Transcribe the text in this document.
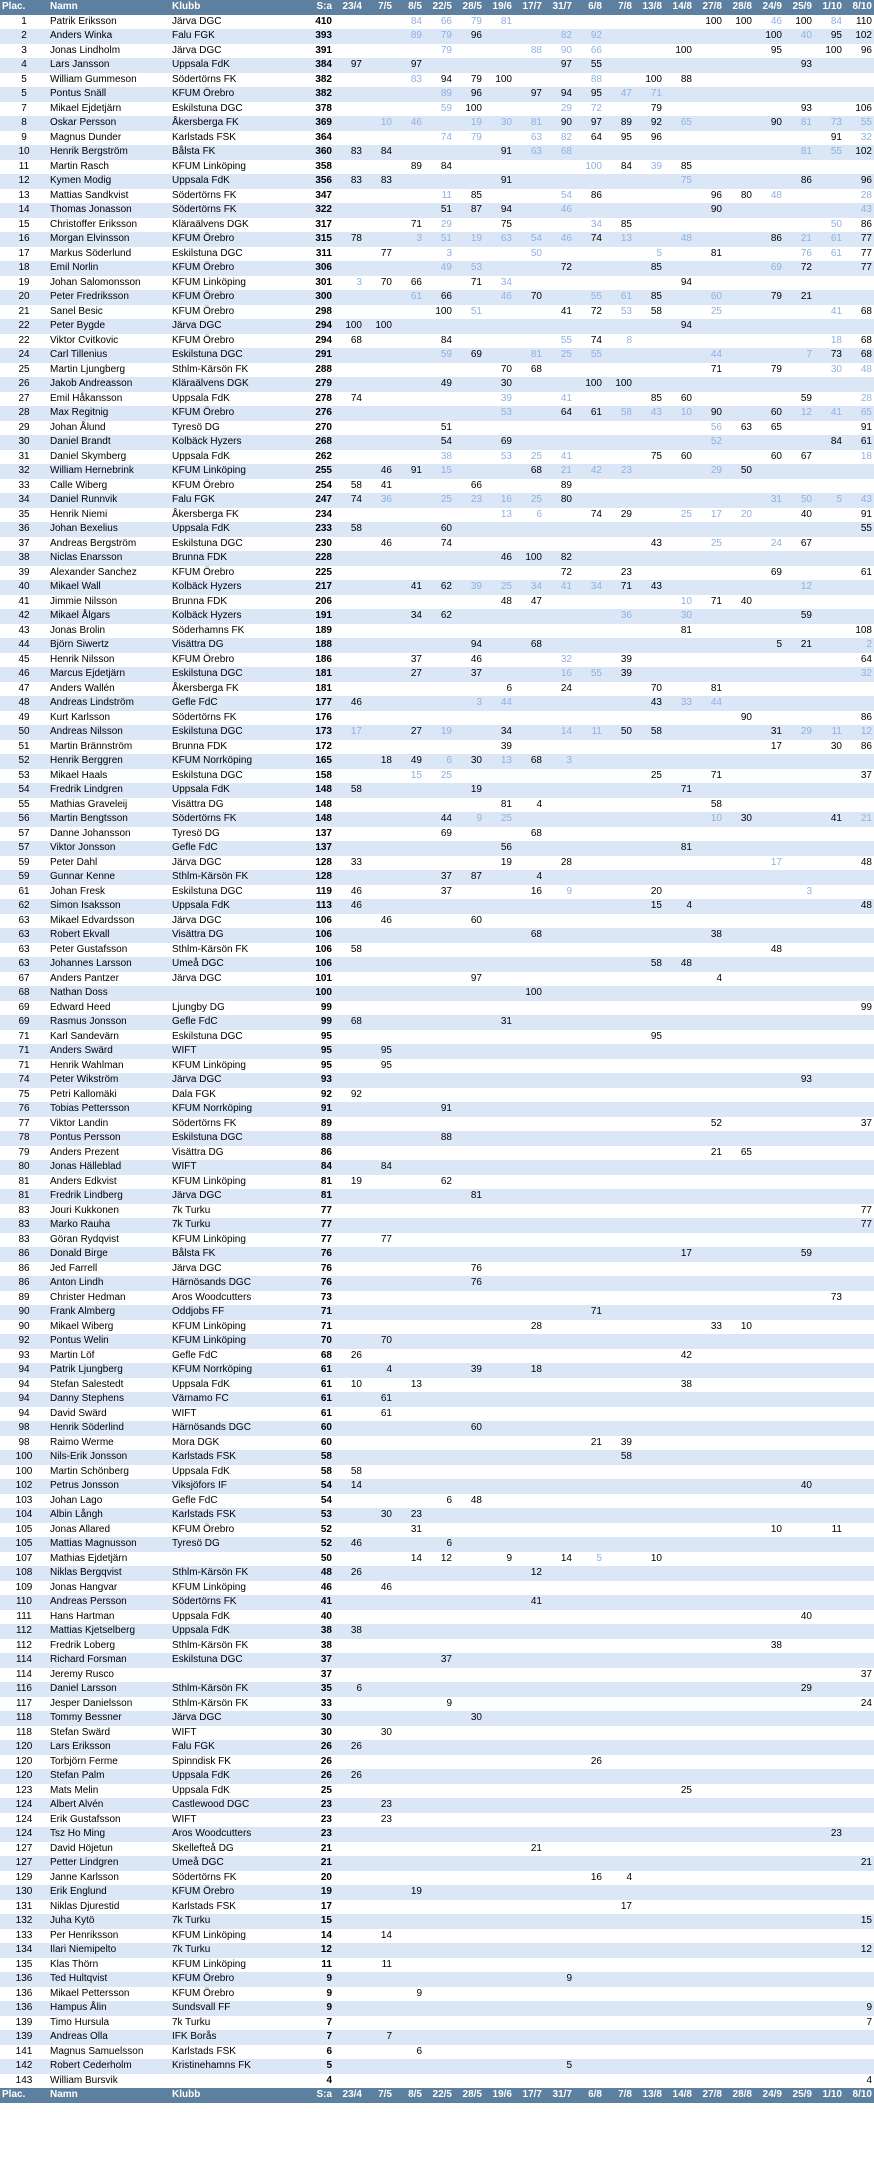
Plac.	Namn	Klubb	S:a	23/4	7/5	8/5	22/5	28/5	19/6	17/7	31/7	6/8	7/8	13/8	14/8	27/8	28/8	24/9	25/9	1/10	8/10
1	Patrik Eriksson	Järva DGC	410			84	66	79	81							100	100	46	100	84	110
2	Anders Winka	Falu FGK	393			89	79	96			82	92						100	40	95	102
3	Jonas Lindholm	Järva DGC	391				79			88	90	66			100			95		100	96
4	Lars Jansson	Uppsala FdK	384	97		97					97	55							93		
5	William Gummeson	Södertörns FK	382			83	94	79	100			88		100	88						
5	Pontus Snäll	KFUM Örebro	382				89	96		97	94	95	47	71							
7	Mikael Ejdetjärn	Eskilstuna DGC	378				59	100			29	72		79					93		106
8	Oskar Persson	Åkersberga FK	369		10	46		19	30	81	90	97	89	92	65			90	81	73	55
9	Magnus Dunder	Karlstads FSK	364				74	79		63	82	64	95	96						91	32
10	Henrik Bergström	Bålsta FK	360	83	84				91	63	68								81	55	102
11	Martin Rasch	KFUM Linköping	358			89	84					100	84	39	85						
12	Kymen Modig	Uppsala FdK	356	83	83				91						75				86		96
13	Mattias Sandkvist	Södertörns FK	347				11	85			54	86				96	80	48			28
14	Thomas Jonasson	Södertörns FK	322				51	87	94		46					90					43
15	Christoffer Eriksson	Kläraälvens DGK	317			71	29		75			34	85							50	86
16	Morgan Elvinsson	KFUM Örebro	315	78		3	51	19	63	54	46	74	13		48			86	21	61	77
17	Markus Söderlund	Eskilstuna DGC	311		77		3			50				5		81			76	61	77
18	Emil Norlin	KFUM Örebro	306				49	53			72			85				69	72		77
19	Johan Salomonsson	KFUM Linköping	301	3	70	66		71	34						94						
20	Peter Fredriksson	KFUM Örebro	300			61	66		46	70		55	61	85		60		79	21		
21	Sanel Besic	KFUM Örebro	298				100	51			41	72	53	58		25				41	68
22	Peter Bygde	Järva DGC	294	100	100										94						
22	Viktor Cvitkovic	KFUM Örebro	294	68			84				55	74	8							18	68
24	Carl Tillenius	Eskilstuna DGC	291				59	69		81	25	55				44			7	73	68
25	Martin Ljungberg	Sthlm-Kärsön FK	288						70	68						71		79		30	48
26	Jakob Andreasson	Kläraälvens DGK	279				49		30			100	100								
27	Emil Håkansson	Uppsala FdK	278	74					39		41			85	60				59		28
28	Max Regitnig	KFUM Örebro	276						53		64	61	58	43	10	90		60	12	41	65
29	Johan Ålund	Tyresö DG	270				51									56	63	65			91
30	Daniel Brandt	Kolbäck Hyzers	268				54		69							52				84	61
31	Daniel Skymberg	Uppsala FdK	262				38		53	25	41			75	60			60	67		18
32	William Hernebrink	KFUM Linköping	255		46	91	15			68	21	42	23			29	50				
33	Calle Wiberg	KFUM Örebro	254	58	41			66			89										
34	Daniel Runnvik	Falu FGK	247	74	36		25	23	16	25	80							31	50	5	43
35	Henrik Niemi	Åkersberga FK	234						13	6		74	29		25	17	20		40		91
36	Johan Bexelius	Uppsala FdK	233	58			60														55
37	Andreas Bergström	Eskilstuna DGC	230		46		74							43		25		24	67		
38	Niclas Enarsson	Brunna FDK	228						46	100	82										
39	Alexander Sanchez	KFUM Örebro	225								72		23					69			61
40	Mikael Wall	Kolbäck Hyzers	217			41	62	39	25	34	41	34	71	43					12		
41	Jimmie Nilsson	Brunna FDK	206						48	47					10	71	40				
42	Mikael Ålgars	Kolbäck Hyzers	191			34	62						36		30				59		
43	Jonas Brolin	Söderhamns FK	189												81						108
44	Björn Siwertz	Visättra DG	188					94		68								5	21		2
45	Henrik Nilsson	KFUM Örebro	186			37		46			32		39								64
46	Marcus Ejdetjärn	Eskilstuna DGC	181			27		37			16	55	39								32
47	Anders Wallén	Åkersberga FK	181						6		24			70		81					
48	Andreas Lindström	Gefle FdC	177	46				3	44					43	33	44					
49	Kurt Karlsson	Södertörns FK	176														90				86
50	Andreas Nilsson	Eskilstuna DGC	173	17		27	19		34		14	11	50	58				31	29	11	12
51	Martin Brännström	Brunna FDK	172						39									17		30	86
52	Henrik Berggren	KFUM Norrköping	165		18	49	6	30	13	68	3										
53	Mikael Haals	Eskilstuna DGC	158			15	25							25		71					37
54	Fredrik Lindgren	Uppsala FdK	148	58				19							71						
55	Mathias Graveleij	Visättra DG	148						81	4						58					
56	Martin Bengtsson	Södertörns FK	148				44	9	25							10	30			41	21
57	Danne Johansson	Tyresö DG	137				69			68											
57	Viktor Jonsson	Gefle FdC	137						56						81						
59	Peter Dahl	Järva DGC	128	33					19		28							17			48
59	Gunnar Kenne	Sthlm-Kärsön FK	128				37	87		4											
61	Johan Fresk	Eskilstuna DGC	119	46			37			16	9			20					3		
62	Simon Isaksson	Uppsala FdK	113	46										15	4						48
63	Mikael Edvardsson	Järva DGC	106		46			60													
63	Robert Ekvall	Visättra DG	106							68						38					
63	Peter Gustafsson	Sthlm-Kärsön FK	106	58														48			
63	Johannes Larsson	Umeå DGC	106											58	48						
67	Anders Pantzer	Järva DGC	101					97								4					
68	Nathan Doss		100							100											
69	Edward Heed	Ljungby DG	99																		99
69	Rasmus Jonsson	Gefle FdC	99	68					31												
71	Karl Sandevärn	Eskilstuna DGC	95											95							
71	Anders Swärd	WIFT	95		95																
71	Henrik Wahlman	KFUM Linköping	95		95																
74	Peter Wikström	Järva DGC	93																93		
75	Petri Kallomäki	Dala FGK	92	92																	
76	Tobias Pettersson	KFUM Norrköping	91				91														
77	Viktor Landin	Södertörns FK	89													52					37
78	Pontus Persson	Eskilstuna DGC	88				88														
79	Anders Prezent	Visättra DG	86													21	65				
80	Jonas Hälleblad	WIFT	84		84																
81	Anders Edkvist	KFUM Linköping	81	19			62														
81	Fredrik Lindberg	Järva DGC	81					81													
83	Jouri Kukkonen	7k Turku	77																		77
83	Marko Rauha	7k Turku	77																		77
83	Göran Rydqvist	KFUM Linköping	77		77																
86	Donald Birge	Bålsta FK	76												17				59		
86	Jed Farrell	Järva DGC	76					76													
86	Anton Lindh	Härnösands DGC	76					76													
89	Christer Hedman	Aros Woodcutters	73																	73	
90	Frank Almberg	Oddjobs FF	71									71									
90	Mikael Wiberg	KFUM Linköping	71							28						33	10				
92	Pontus Welin	KFUM Linköping	70		70																
93	Martin Löf	Gefle FdC	68	26											42						
94	Patrik Ljungberg	KFUM Norrköping	61		4			39		18											
94	Stefan Salestedt	Uppsala FdK	61	10		13									38						
94	Danny Stephens	Värnamo FC	61		61																
94	David Swärd	WIFT	61		61																
98	Henrik Söderlind	Härnösands DGC	60					60													
98	Raimo Werme	Mora DGK	60									21	39								
100	Nils-Erik Jonsson	Karlstads FSK	58										58								
100	Martin Schönberg	Uppsala FdK	58	58																	
102	Petrus Jonsson	Viksjöfors IF	54	14															40		
103	Johan Lago	Gefle FdC	54				6	48													
104	Albin Långh	Karlstads FSK	53		30	23															
105	Jonas Allared	KFUM Örebro	52			31												10		11	
105	Mattias Magnusson	Tyresö DG	52	46			6														
107	Mathias Ejdetjärn		50			14	12		9		14	5		10							
108	Niklas Bergqvist	Sthlm-Kärsön FK	48	26						12											
109	Jonas Hangvar	KFUM Linköping	46		46																
110	Andreas Persson	Södertörns FK	41							41											
111	Hans Hartman	Uppsala FdK	40																40		
112	Mattias Kjetselberg	Uppsala FdK	38	38																	
112	Fredrik Loberg	Sthlm-Kärsön FK	38															38			
114	Richard Forsman	Eskilstuna DGC	37				37														
114	Jeremy Rusco		37																		37
116	Daniel Larsson	Sthlm-Kärsön FK	35	6															29		
117	Jesper Danielsson	Sthlm-Kärsön FK	33				9														24
118	Tommy Bessner	Järva DGC	30					30													
118	Stefan Swärd	WIFT	30		30																
120	Lars Eriksson	Falu FGK	26	26																	
120	Torbjörn Ferme	Spinndisk FK	26									26									
120	Stefan Palm	Uppsala FdK	26	26																	
123	Mats Melin	Uppsala FdK	25												25						
124	Albert Alvén	Castlewood DGC	23		23																
124	Erik Gustafsson	WIFT	23		23																
124	Tsz Ho Ming	Aros Woodcutters	23																	23	
127	David Höjetun	Skellefteå DG	21							21											
127	Petter Lindgren	Umeå DGC	21																		21
129	Janne Karlsson	Södertörns FK	20									16	4								
130	Erik Englund	KFUM Örebro	19			19															
131	Niklas Djurestid	Karlstads FSK	17										17								
132	Juha Kytö	7k Turku	15																		15
133	Per Henriksson	KFUM Linköping	14		14																
134	Ilari Niemipelto	7k Turku	12																		12
135	Klas Thörn	KFUM Linköping	11		11																
136	Ted Hultqvist	KFUM Örebro	9								9										
136	Mikael Pettersson	KFUM Örebro	9			9															
136	Hampus Ålin	Sundsvall FF	9																		9
139	Timo Hursula	7k Turku	7																		7
139	Andreas Olla	IFK Borås	7		7																
141	Magnus Samuelsson	Karlstads FSK	6			6															
142	Robert Cederholm	Kristinehamns FK	5								5										
143	William Bursvik		4																		4
Plac.	Namn	Klubb	S:a	23/4	7/5	8/5	22/5	28/5	19/6	17/7	31/7	6/8	7/8	13/8	14/8	27/8	28/8	24/9	25/9	1/10	8/10
